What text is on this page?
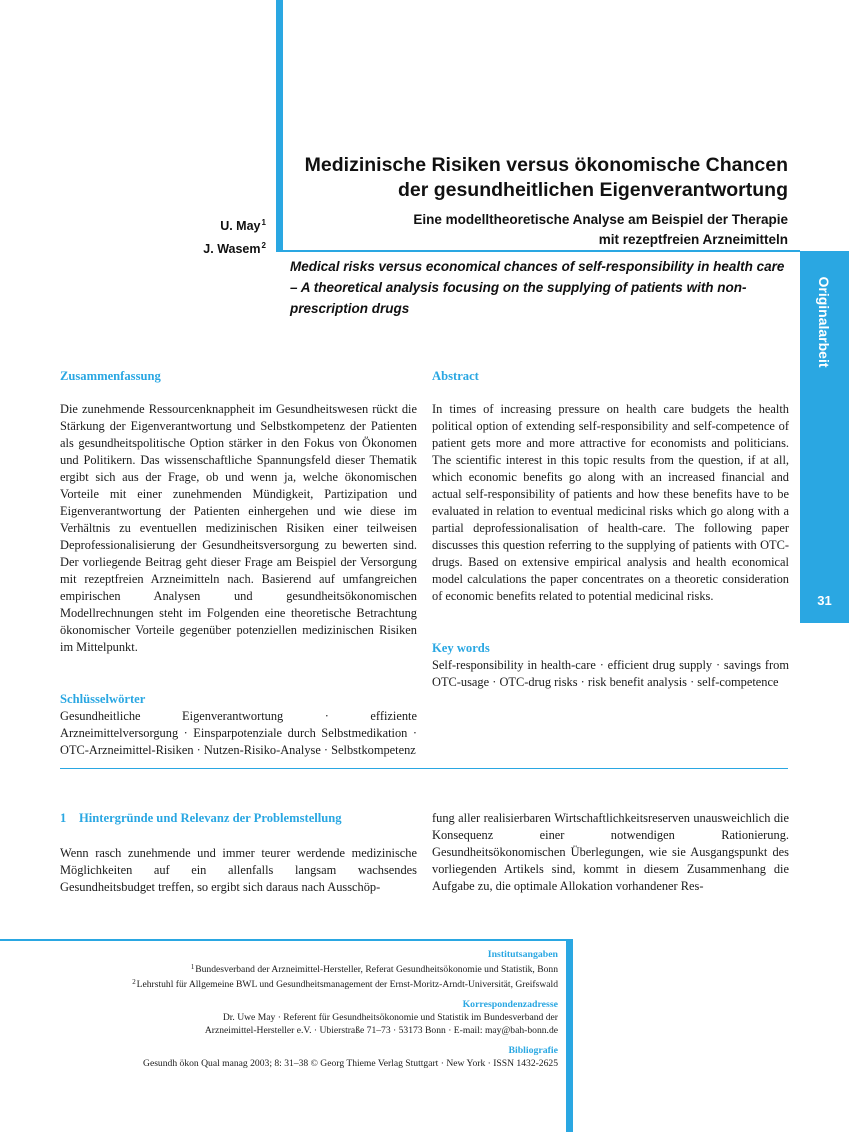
Originalarbeit
31
Medizinische Risiken versus ökonomische Chancen
der gesundheitlichen Eigenverantwortung
Eine modelltheoretische Analyse am Beispiel der Therapie
mit rezeptfreien Arzneimitteln
U. May $^1$
J. Wasem $^2$
Medical risks versus economical chances of self-responsibility in health care – A theoretical analysis focusing on the supplying of patients with non-prescription drugs
Zusammenfassung

Die zunehmende Ressourcenknappheit im Gesundheitswesen rückt die Stärkung der Eigenverantwortung und Selbstkompetenz der Patienten als gesundheitspolitische Option stärker in den Fokus von Ökonomen und Politikern. Das wissenschaftliche Spannungsfeld dieser Thematik ergibt sich aus der Frage, ob und wenn ja, welche ökonomischen Vorteile mit einer zunehmenden Mündigkeit, Partizipation und Eigenverantwortung der Patienten einhergehen und wie diese im Verhältnis zu eventuellen medizinischen Risiken einer teilweisen Deprofessionalisierung der Gesundheitsversorgung zu bewerten sind. Der vorliegende Beitrag geht dieser Frage am Beispiel der Versorgung mit rezeptfreien Arzneimitteln nach. Basierend auf umfangreichen empirischen Analysen und gesundheitsökonomischen Modellrechnungen steht im Folgenden eine theoretische Betrachtung ökonomischer Vorteile gegenüber potenziellen medizinischen Risiken im Mittelpunkt.

Schlüsselwörter

Gesundheitliche Eigenverantwortung · effiziente Arzneimittelversorgung · Einsparpotenziale durch Selbstmedikation · OTC-Arzneimittel-Risiken · Nutzen-Risiko-Analyse · Selbstkompetenz

Abstract

In times of increasing pressure on health care budgets the health political option of extending self-responsibility and self-competence of patient gets more and more attractive for economists and politicians. The scientific interest in this topic results from the question, if at all, which economic benefits go along with an increased financial and actual self-responsibility of patients and how these benefits have to be evaluated in relation to eventual medicinal risks which go along with a partial deprofessionalisation of health-care. The following paper discusses this question referring to the supplying of patients with OTC-drugs. Based on extensive empirical analysis and health economical model calculations the paper concentrates on a theoretic consideration of economic benefits related to potential medicinal risks.

Key words

Self-responsibility in health-care · efficient drug supply · savings from OTC-usage · OTC-drug risks · risk benefit analysis · self-competence

1 Hintergründe und Relevanz der Problemstellung

Wenn rasch zunehmende und immer teurer werdende medizinische Möglichkeiten auf ein allenfalls langsam wachsendes Gesundheitsbudget treffen, so ergibt sich daraus nach Ausschöp-

fung aller realisierbaren Wirtschaftlichkeitsreserven unausweichlich die Konsequenz einer notwendigen Rationierung. Gesundheitsökonomischen Überlegungen, wie sie Ausgangspunkt des vorliegenden Artikels sind, kommt in diesem Zusammenhang die Aufgabe zu, die optimale Allokation vorhandener Res-

Institutsangaben
$^1$ Bundesverband der Arzneimittel-Hersteller, Referat Gesundheitsökonomie und Statistik, Bonn
$^2$ Lehrstuhl für Allgemeine BWL und Gesundheitsmanagement der Ernst-Moritz-Arndt-Universität, Greifswald
Korrespondenzadresse
Dr. Uwe May · Referent für Gesundheitsökonomie und Statistik im Bundesverband der
Arzneimittel-Hersteller e.V. · Ubierstraße 71–73 · 53173 Bonn · E-mail: may@bah-bonn.de
Bibliografie
Gesundh ökon Qual manag 2003; 8: 31–38 © Georg Thieme Verlag Stuttgart · New York · ISSN 1432-2625
